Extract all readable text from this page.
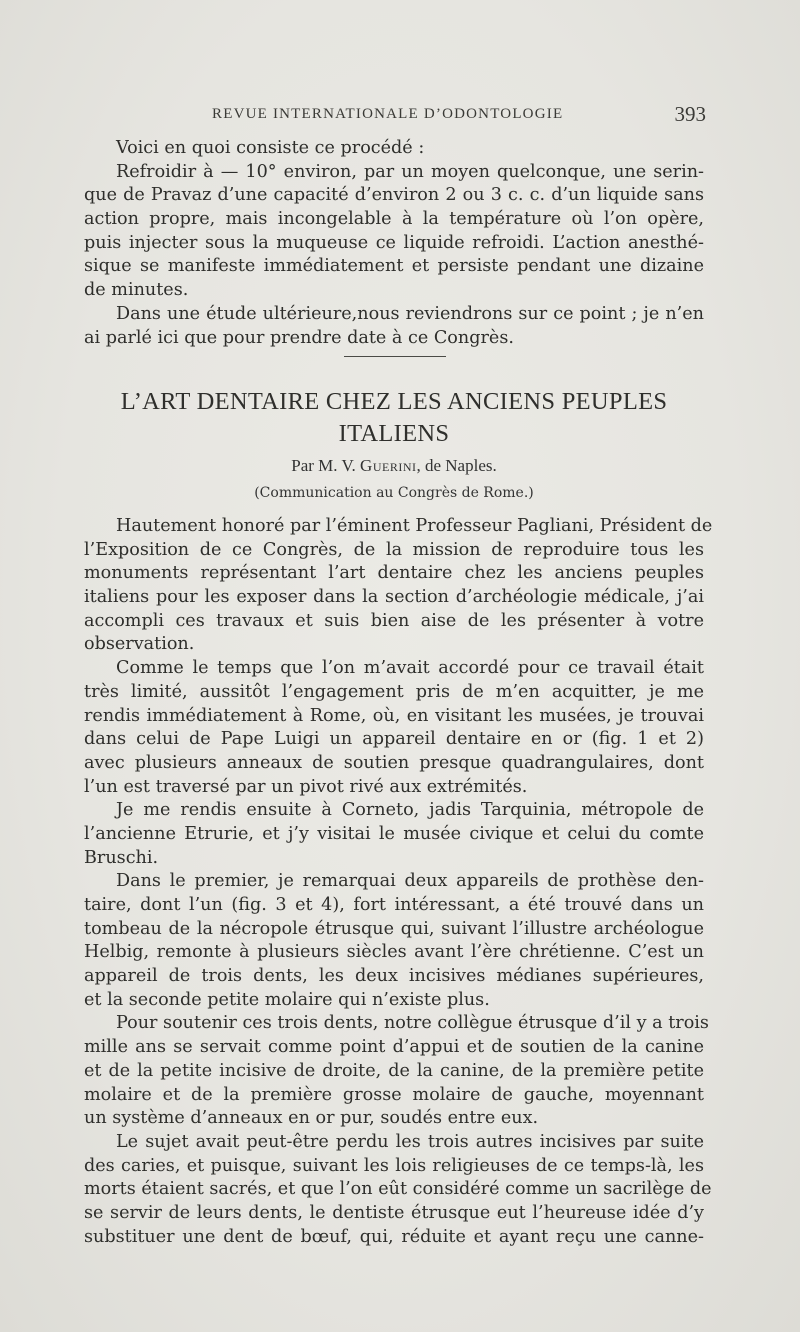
REVUE INTERNATIONALE D’ODONTOLOGIE	393
Voici en quoi consiste ce procédé :
Refroidir à — 10° environ, par un moyen quelconque, une serin-
que de Pravaz d’une capacité d’environ 2 ou 3 c. c. d’un liquide sans
action propre, mais incongelable à la température où l’on opère,
puis injecter sous la muqueuse ce liquide refroidi. L’action anesthé-
sique se manifeste immédiatement et persiste pendant une dizaine
de minutes.
Dans une étude ultérieure,nous reviendrons sur ce point ; je n’en
ai parlé ici que pour prendre date à ce Congrès.
L’ART DENTAIRE CHEZ LES ANCIENS PEUPLES
ITALIENS
Par M. V. Guerini, de Naples.
(Communication au Congrès de Rome.)
Hautement honoré par l’éminent Professeur Pagliani, Président de
l’Exposition de ce Congrès, de la mission de reproduire tous les
monuments représentant l’art dentaire chez les anciens peuples
italiens pour les exposer dans la section d’archéologie médicale, j’ai
accompli ces travaux et suis bien aise de les présenter à votre
observation.
Comme le temps que l’on m’avait accordé pour ce travail était
très limité, aussitôt l’engagement pris de m’en acquitter, je me
rendis immédiatement à Rome, où, en visitant les musées, je trouvai
dans celui de Pape Luigi un appareil dentaire en or (fig. 1 et 2)
avec plusieurs anneaux de soutien presque quadrangulaires, dont
l’un est traversé par un pivot rivé aux extrémités.
Je me rendis ensuite à Corneto, jadis Tarquinia, métropole de
l’ancienne Etrurie, et j’y visitai le musée civique et celui du comte
Bruschi.
Dans le premier, je remarquai deux appareils de prothèse den-
taire, dont l’un (fig. 3 et 4), fort intéressant, a été trouvé dans un
tombeau de la nécropole étrusque qui, suivant l’illustre archéologue
Helbig, remonte à plusieurs siècles avant l’ère chrétienne. C’est un
appareil de trois dents, les deux incisives médianes supérieures,
et la seconde petite molaire qui n’existe plus.
Pour soutenir ces trois dents, notre collègue étrusque d’il y a trois
mille ans se servait comme point d’appui et de soutien de la canine
et de la petite incisive de droite, de la canine, de la première petite
molaire et de la première grosse molaire de gauche, moyennant
un système d’anneaux en or pur, soudés entre eux.
Le sujet avait peut-être perdu les trois autres incisives par suite
des caries, et puisque, suivant les lois religieuses de ce temps-là, les
morts étaient sacrés, et que l’on eût considéré comme un sacrilège de
se servir de leurs dents, le dentiste étrusque eut l’heureuse idée d’y
substituer une dent de bœuf, qui, réduite et ayant reçu une canne-
